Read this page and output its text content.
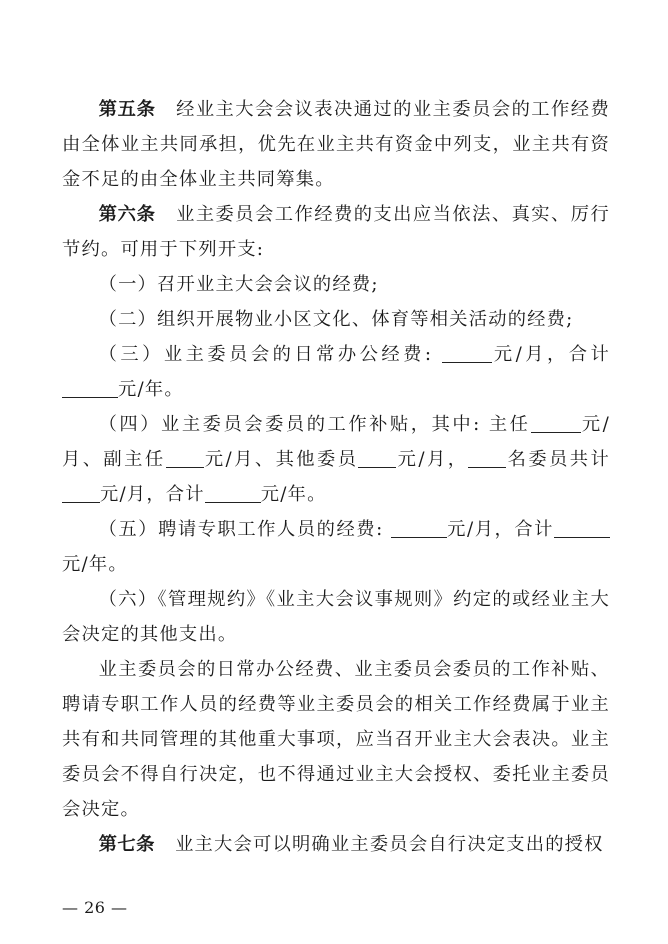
第五条 经业主大会会议表决通过的业主委员会的工作经费由全体业主共同承担，优先在业主共有资金中列支，业主共有资金不足的由全体业主共同筹集。

第六条 业主委员会工作经费的支出应当依法、真实、厉行节约。可用于下列开支:

（一）召开业主大会会议的经费;

（二）组织开展物业小区文化、体育等相关活动的经费;

（三）业主委员会的日常办公经费:	元/月，合计元/年。

（四）业主委员会委员的工作补贴，其中: 主任	元/月、副主任 元/月、其他委员 元/月， 名委员共计元/月，合计	元/年。

（五）聘请专职工作人员的经费:	元/月，合计元/年。

（六）《管理规约》《业主大会议事规则》约定的或经业主大会决定的其他支出。

业主委员会的日常办公经费、业主委员会委员的工作补贴、聘请专职工作人员的经费等业主委员会的相关工作经费属于业主共有和共同管理的其他重大事项，应当召开业主大会表决。业主委员会不得自行决定，也不得通过业主大会授权、委托业主委员会决定。

第七条 业主大会可以明确业主委员会自行决定支出的授权

— 26 —
